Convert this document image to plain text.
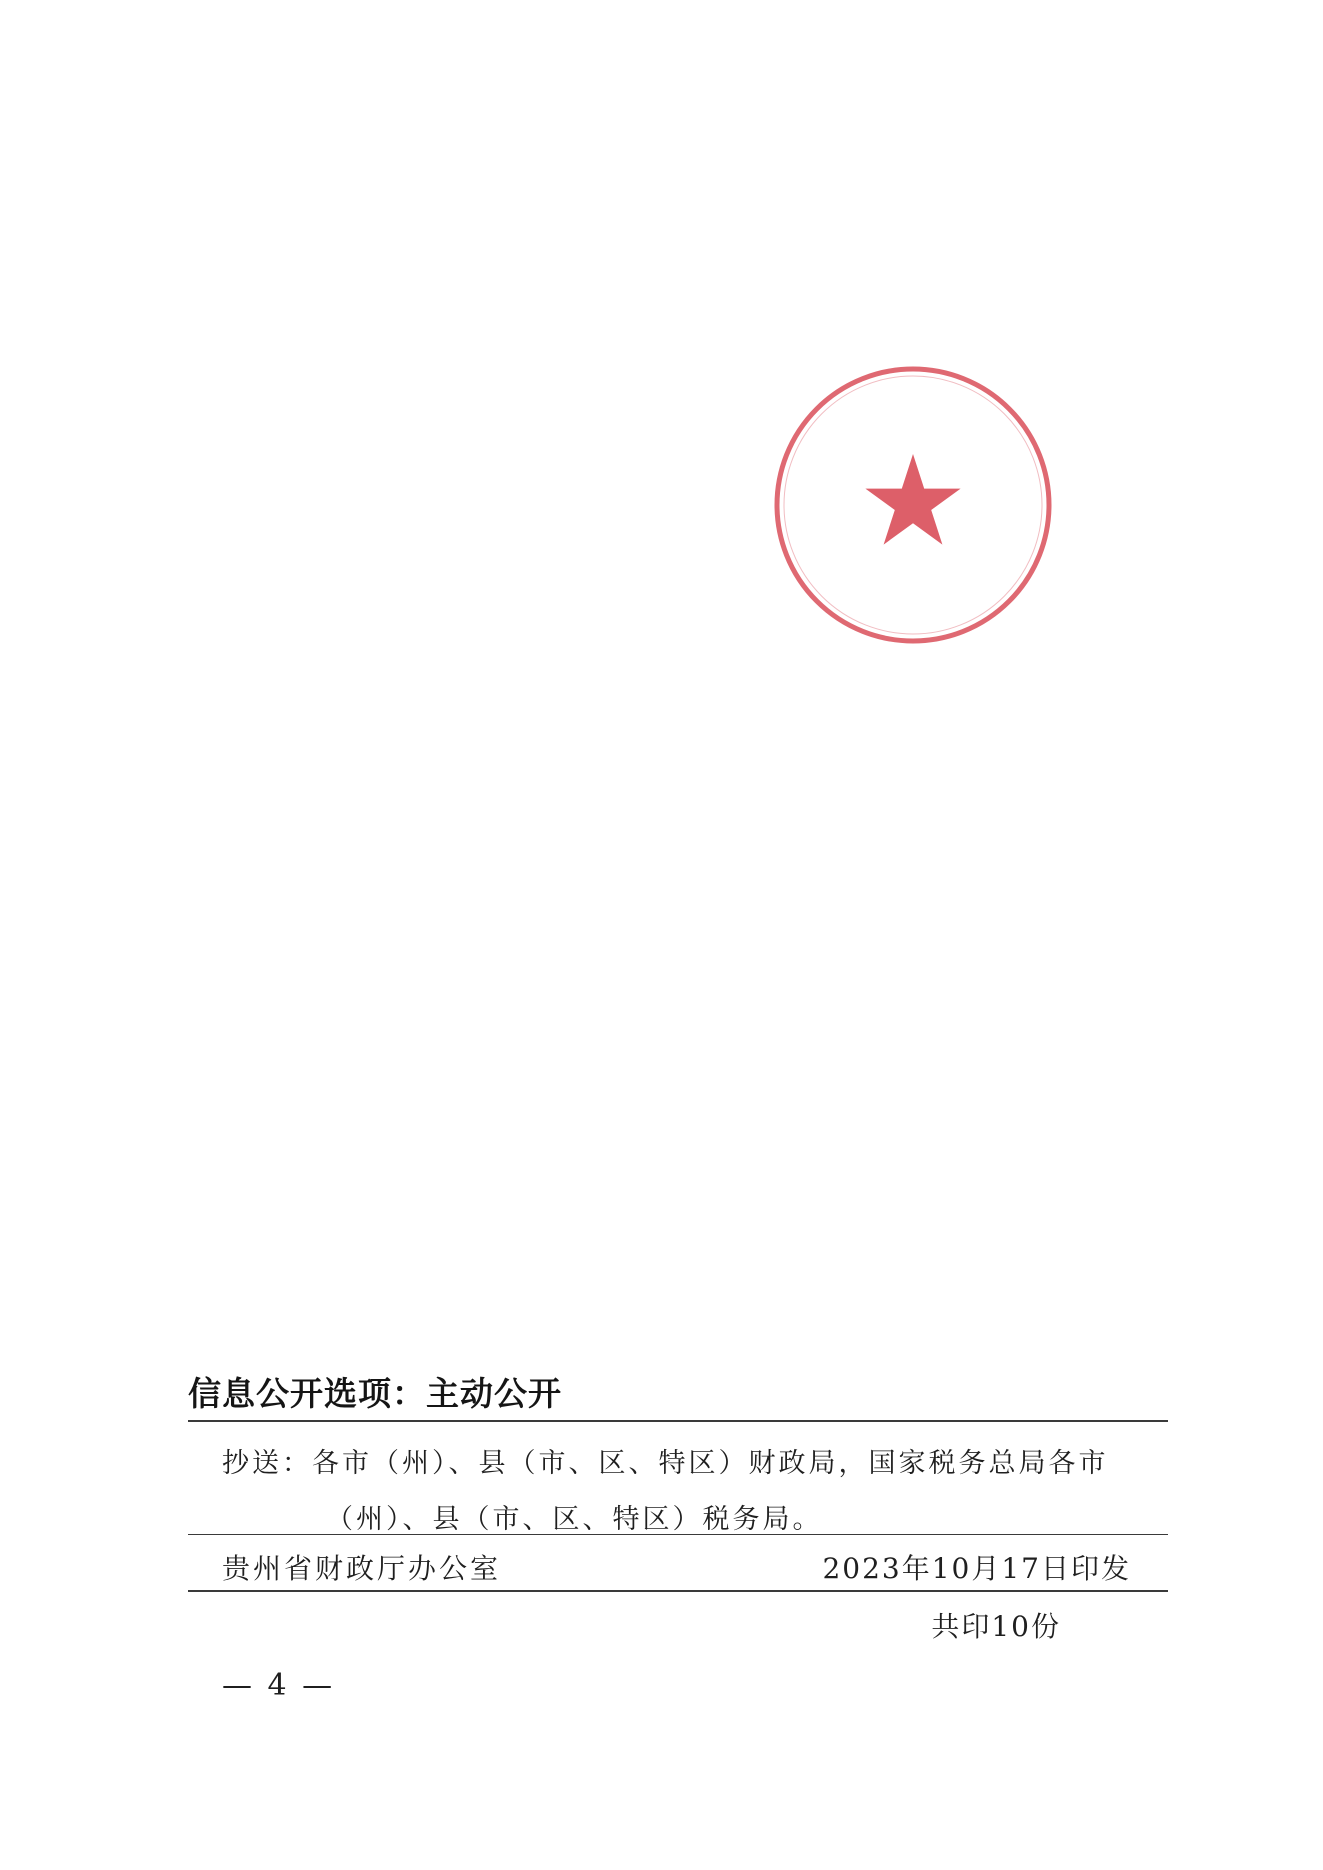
信息公开选项：主动公开
抄送：各市（州）、县（市、区、特区）财政局，国家税务总局各市
（州）、县（市、区、特区）税务局。
贵州省财政厅办公室	2023年10月17日印发
共印10份
— 4 —
